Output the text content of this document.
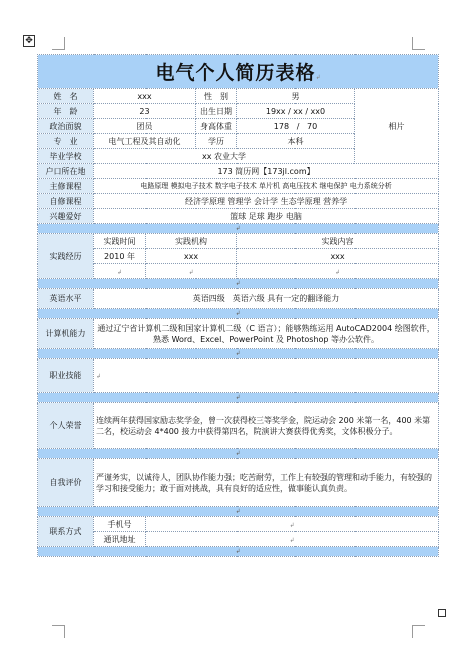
✥
电气个人简历表格↲					
姓　名	xxx		性　别	男	相片
年　龄	23		出生日期	19xx / xx / xx0	
政治面貌	团员		身高体重	178 / 70	
专　业	电气工程及其自动化		学历	本科	
毕业学校	xx 农业大学				
户口所在地	173 简历网【173jl.com】				
主修课程	电路原理 模拟电子技术 数字电子技术 单片机 高电压技术 继电保护 电力系统分析				
自修课程	经济学原理 管理学 会计学 生态学原理 营养学				
兴趣爱好	篮球 足球 跑步 电脑				
↲					
实践经历	实践时间	实践机构		实践内容	
	2010 年	xxx		xxx	
	↲	↲		↲	
↲					
英语水平	英语四级　英语六级 具有一定的翻译能力				
↲					
计算机能力	通过辽宁省计算机二级和国家计算机二级（C 语言）；能够熟练运用 AutoCAD2004 绘图软件，熟悉 Word、Excel、PowerPoint 及 Photoshop 等办公软件。				
↲					
职业技能	↲				
↲					
个人荣誉	连续两年获得国家励志奖学金，曾一次获得校三等奖学金，院运动会 200 米第一名，400 米第二名，校运动会 4*400 接力中获得第四名，院演讲大赛获得优秀奖，文体积极分子。				
↲					
自我评价	严谨务实，以诚待人，团队协作能力强；吃苦耐劳，工作上有较强的管理和动手能力，有较强的学习和接受能力；敢于面对挑战，具有良好的适应性，做事能认真负责。				
↲					
联系方式	手机号	↲			
	通讯地址	↲			
↲					
